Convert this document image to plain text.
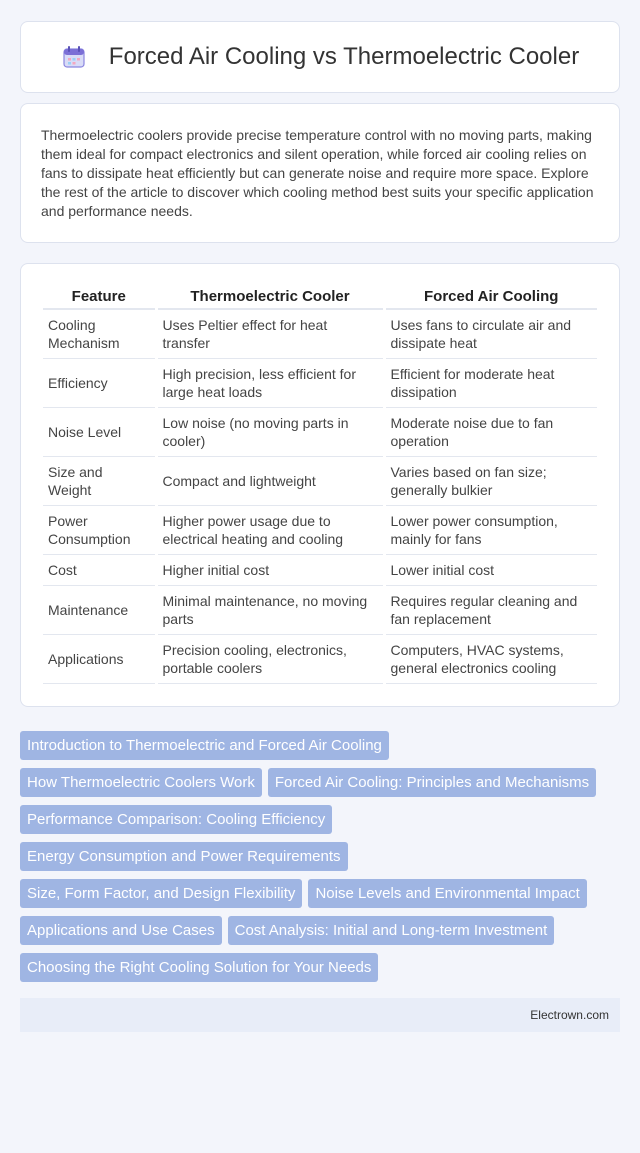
Forced Air Cooling vs Thermoelectric Cooler
Thermoelectric coolers provide precise temperature control with no moving parts, making them ideal for compact electronics and silent operation, while forced air cooling relies on fans to dissipate heat efficiently but can generate noise and require more space. Explore the rest of the article to discover which cooling method best suits your specific application and performance needs.
Feature	Thermoelectric Cooler	Forced Air Cooling
Cooling Mechanism	Uses Peltier effect for heat transfer	Uses fans to circulate air and dissipate heat
Efficiency	High precision, less efficient for large heat loads	Efficient for moderate heat dissipation
Noise Level	Low noise (no moving parts in cooler)	Moderate noise due to fan operation
Size and Weight	Compact and lightweight	Varies based on fan size; generally bulkier
Power Consumption	Higher power usage due to electrical heating and cooling	Lower power consumption, mainly for fans
Cost	Higher initial cost	Lower initial cost
Maintenance	Minimal maintenance, no moving parts	Requires regular cleaning and fan replacement
Applications	Precision cooling, electronics, portable coolers	Computers, HVAC systems, general electronics cooling
Introduction to Thermoelectric and Forced Air Cooling
How Thermoelectric Coolers Work	Forced Air Cooling: Principles and Mechanisms
Performance Comparison: Cooling Efficiency
Energy Consumption and Power Requirements
Size, Form Factor, and Design Flexibility	Noise Levels and Environmental Impact
Applications and Use Cases	Cost Analysis: Initial and Long-term Investment
Choosing the Right Cooling Solution for Your Needs
Electrown.com
